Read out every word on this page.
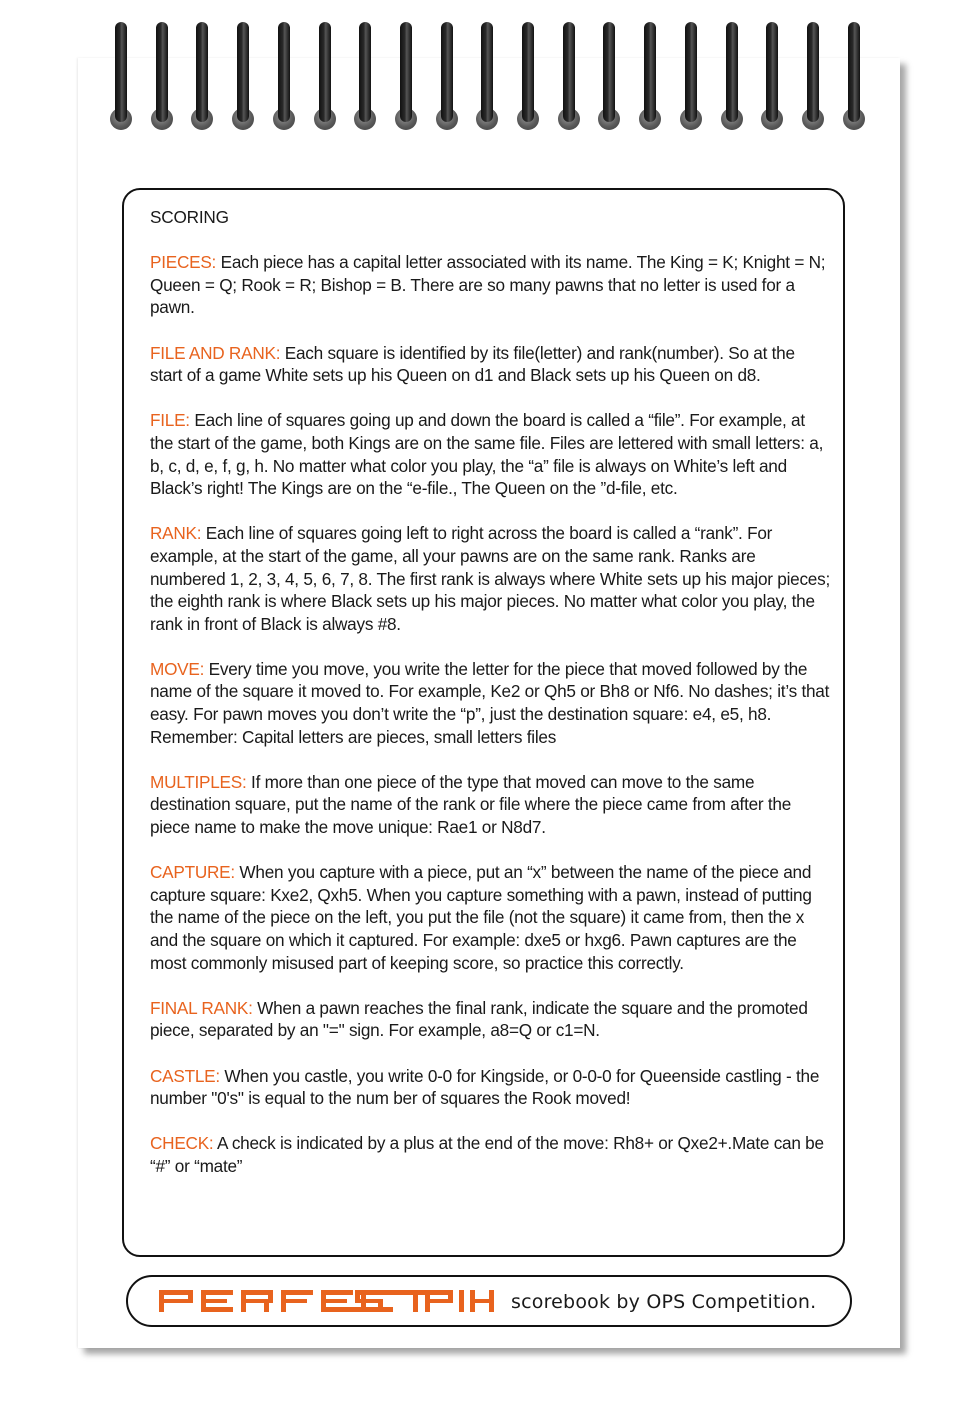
SCORING

PIECES: Each piece has a capital letter associated with its name. The King = K; Knight = N; Queen = Q; Rook = R; Bishop = B. There are so many pawns that no letter is used for a pawn.

FILE AND RANK: Each square is identified by its file(letter) and rank(number). So at the start of a game White sets up his Queen on d1 and Black sets up his Queen on d8.

FILE: Each line of squares going up and down the board is called a “file”. For example, at the start of the game, both Kings are on the same file. Files are lettered with small letters: a, b, c, d, e, f, g, h. No matter what color you play, the “a” file is always on White’s left and Black’s right! The Kings are on the “e-file., The Queen on the ”d-file, etc.

RANK: Each line of squares going left to right across the board is called a “rank”. For example, at the start of the game, all your pawns are on the same rank. Ranks are numbered 1, 2, 3, 4, 5, 6, 7, 8. The first rank is always where White sets up his major pieces; the eighth rank is where Black sets up his major pieces. No matter what color you play, the rank in front of Black is always #8.

MOVE: Every time you move, you write the letter for the piece that moved followed by the name of the square it moved to. For example, Ke2 or Qh5 or Bh8 or Nf6. No dashes; it’s that easy. For pawn moves you don’t write the “p”, just the destination square: e4, e5, h8. Remember: Capital letters are pieces, small letters files

MULTIPLES: If more than one piece of the type that moved can move to the same destination square, put the name of the rank or file where the piece came from after the piece name to make the move unique: Rae1 or N8d7.

CAPTURE: When you capture with a piece, put an “x” between the name of the piece and capture square: Kxe2, Qxh5. When you capture something with a pawn, instead of putting the name of the piece on the left, you put the file (not the square) it came from, then the x and the square on which it captured. For example: dxe5 or hxg6. Pawn captures are the most commonly misused part of keeping score, so practice this correctly.

FINAL RANK: When a pawn reaches the final rank, indicate the square and the promoted piece, separated by an "=" sign. For example, a8=Q or c1=N.

CASTLE: When you castle, you write 0-0 for Kingside, or 0-0-0 for Queenside castling - the number "0's" is equal to the num ber of squares the Rook moved!

CHECK: A check is indicated by a plus at the end of the move: Rh8+ or Qxe2+.Mate can be “#” or “mate”

scorebook by OPS Competition.
